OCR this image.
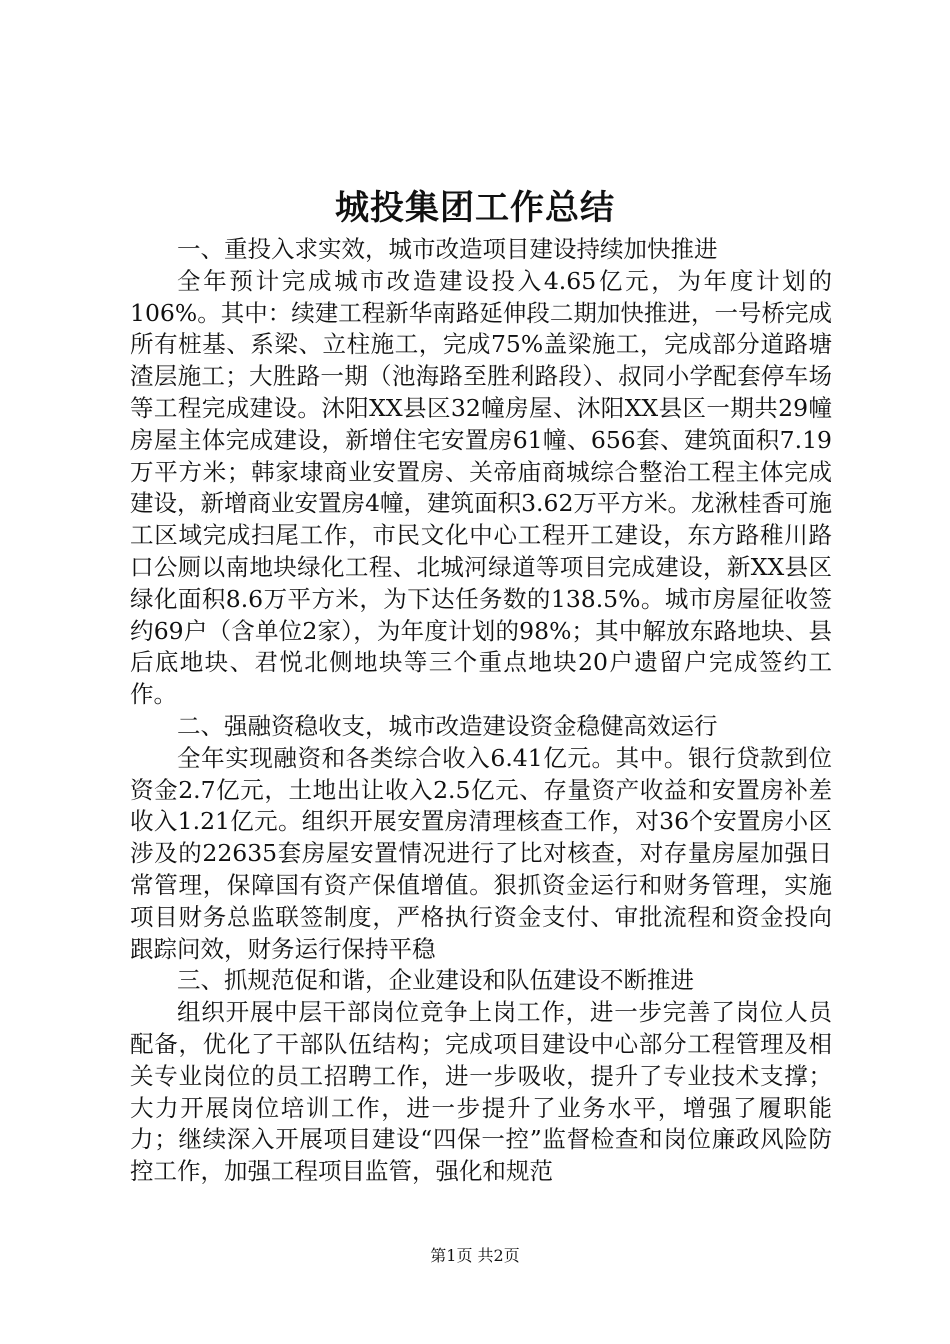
城投集团工作总结

一、重投入求实效，城市改造项目建设持续加快推进

全年预计完成城市改造建设投入4.65亿元，为年度计划的106%。其中：续建工程新华南路延伸段二期加快推进，一号桥完成所有桩基、系梁、立柱施工，完成75%盖梁施工，完成部分道路塘渣层施工；大胜路一期（池海路至胜利路段）、叔同小学配套停车场等工程完成建设。沐阳XX县区32幢房屋、沐阳XX县区一期共29幢房屋主体完成建设，新增住宅安置房61幢、656套、建筑面积7.19万平方米；韩家埭商业安置房、关帝庙商城综合整治工程主体完成建设，新增商业安置房4幢，建筑面积3.62万平方米。龙湫桂香可施工区域完成扫尾工作，市民文化中心工程开工建设，东方路稚川路口公厕以南地块绿化工程、北城河绿道等项目完成建设，新XX县区绿化面积8.6万平方米，为下达任务数的138.5%。城市房屋征收签约69户（含单位2家），为年度计划的98%；其中解放东路地块、县后底地块、君悦北侧地块等三个重点地块20户遗留户完成签约工作。

二、强融资稳收支，城市改造建设资金稳健高效运行

全年实现融资和各类综合收入6.41亿元。其中。银行贷款到位资金2.7亿元，土地出让收入2.5亿元、存量资产收益和安置房补差收入1.21亿元。组织开展安置房清理核查工作，对36个安置房小区涉及的22635套房屋安置情况进行了比对核查，对存量房屋加强日常管理，保障国有资产保值增值。狠抓资金运行和财务管理，实施项目财务总监联签制度，严格执行资金支付、审批流程和资金投向跟踪问效，财务运行保持平稳

三、抓规范促和谐，企业建设和队伍建设不断推进

组织开展中层干部岗位竞争上岗工作，进一步完善了岗位人员配备，优化了干部队伍结构；完成项目建设中心部分工程管理及相关专业岗位的员工招聘工作，进一步吸收，提升了专业技术支撑；大力开展岗位培训工作，进一步提升了业务水平，增强了履职能力；继续深入开展项目建设“四保一控”监督检查和岗位廉政风险防控工作，加强工程项目监管，强化和规范

第1页 共2页
